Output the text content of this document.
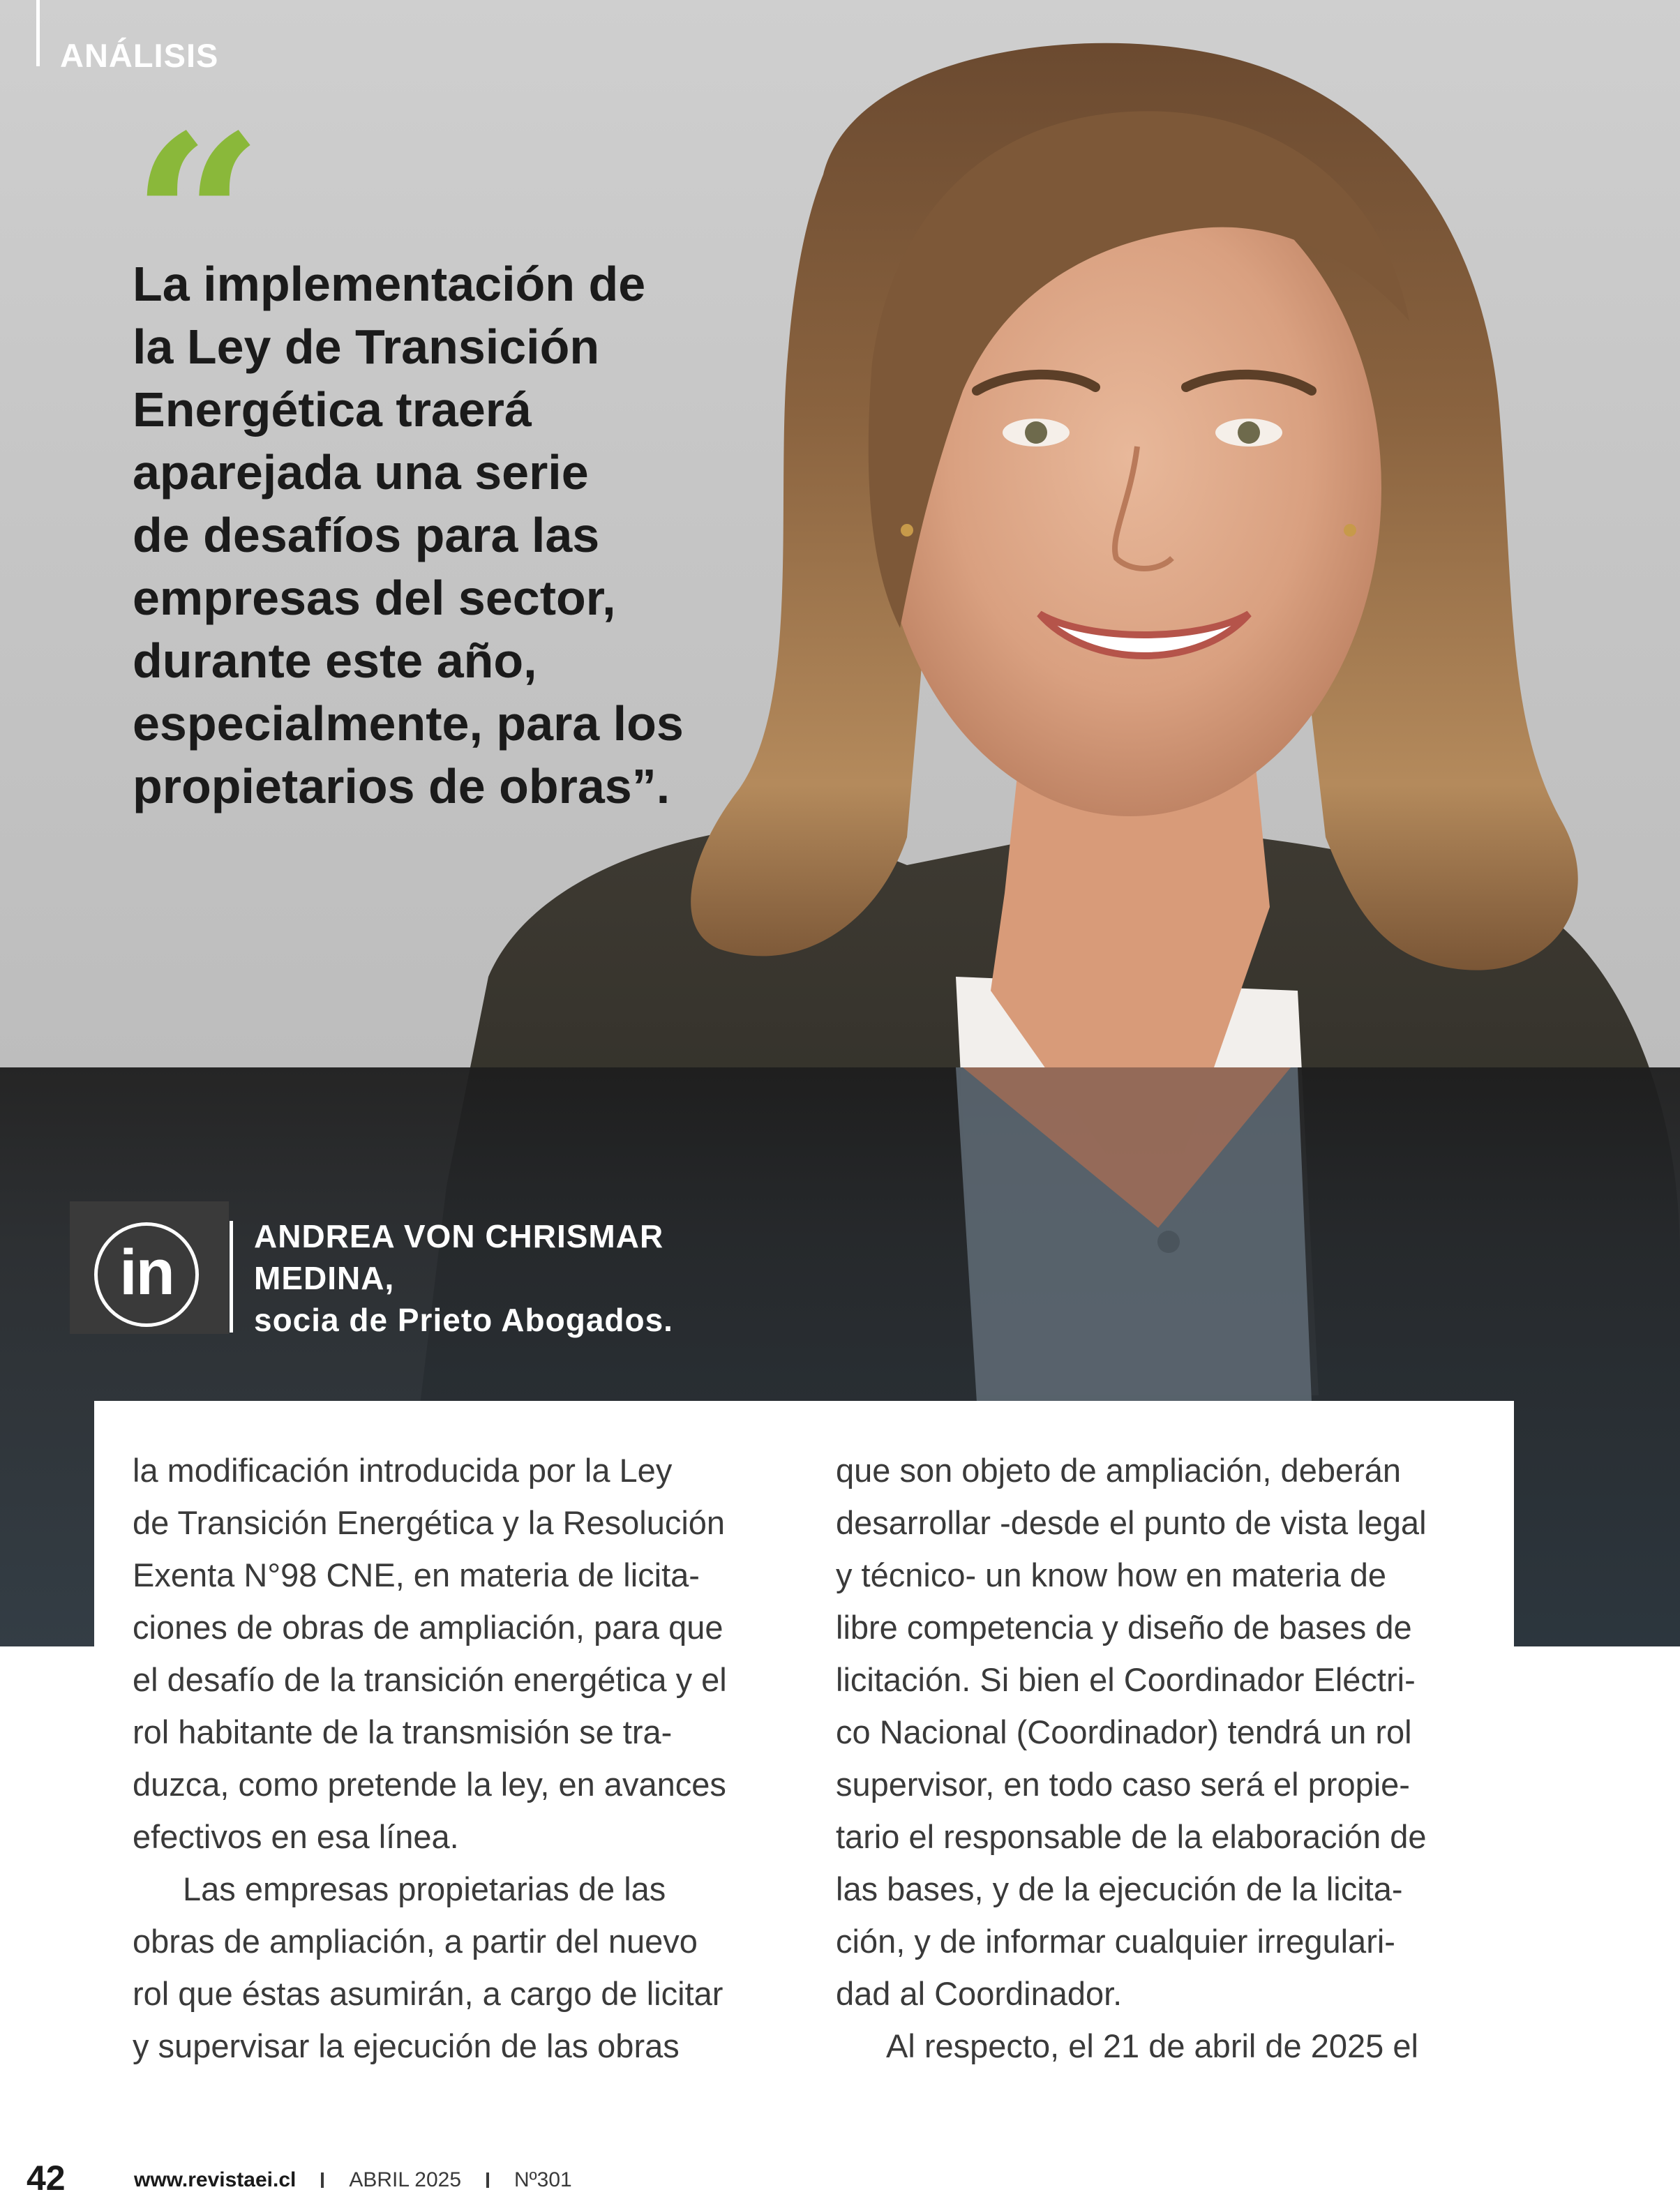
ANÁLISIS
“
La implementación de
la Ley de Transición
Energética traerá
aparejada una serie
de desafíos para las
empresas del sector,
durante este año,
especialmente, para los
propietarios de obras”.
in
ANDREA VON CHRISMAR
MEDINA,
socia de Prieto Abogados.

la modificación introducida por la Ley

de Transición Energética y la Resolución

Exenta N°98 CNE, en materia de licita-

ciones de obras de ampliación, para que

el desafío de la transición energética y el

rol habitante de la transmisión se tra-

duzca, como pretende la ley, en avances

efectivos en esa línea.

Las empresas propietarias de las

obras de ampliación, a partir del nuevo

rol que éstas asumirán, a cargo de licitar

y supervisar la ejecución de las obras

que son objeto de ampliación, deberán

desarrollar -desde el punto de vista legal

y técnico- un know how en materia de

libre competencia y diseño de bases de

licitación. Si bien el Coordinador Eléctri-

co Nacional (Coordinador) tendrá un rol

supervisor, en todo caso será el propie-

tario el responsable de la elaboración de

las bases, y de la ejecución de la licita-

ción, y de informar cualquier irregulari-

dad al Coordinador.

Al respecto, el 21 de abril de 2025 el

42	www.revistaei.cl	ABRIL 2025	Nº301
